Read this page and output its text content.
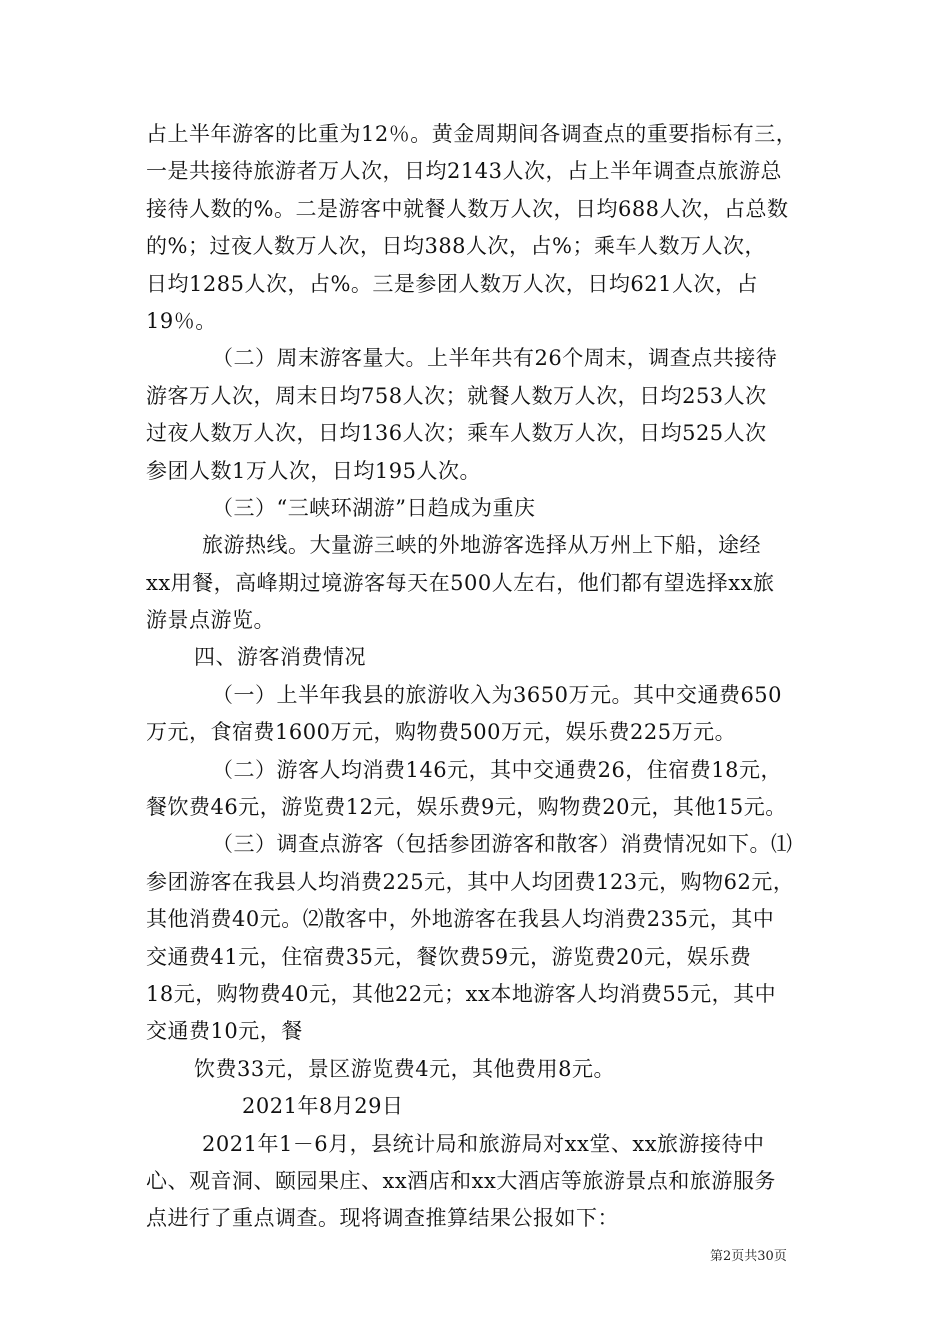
占上半年游客的比重为12％。黄金周期间各调查点的重要指标有三，
一是共接待旅游者万人次，日均2143人次，占上半年调查点旅游总
接待人数的%。二是游客中就餐人数万人次，日均688人次，占总数
的%；过夜人数万人次，日均388人次，占%；乘车人数万人次，
日均1285人次，占%。三是参团人数万人次，日均621人次，占
19％。
（二）周末游客量大。上半年共有26个周末，调查点共接待
游客万人次，周末日均758人次；就餐人数万人次，日均253人次
过夜人数万人次，日均136人次；乘车人数万人次，日均525人次
参团人数1万人次，日均195人次。
（三）“三峡环湖游”日趋成为重庆
旅游热线。大量游三峡的外地游客选择从万州上下船，途经
xx用餐，高峰期过境游客每天在500人左右，他们都有望选择xx旅
游景点游览。
四、游客消费情况
（一）上半年我县的旅游收入为3650万元。其中交通费650
万元，食宿费1600万元，购物费500万元，娱乐费225万元。
（二）游客人均消费146元，其中交通费26，住宿费18元，
餐饮费46元，游览费12元，娱乐费9元，购物费20元，其他15元。
（三）调查点游客（包括参团游客和散客）消费情况如下。⑴
参团游客在我县人均消费225元，其中人均团费123元，购物62元，
其他消费40元。⑵散客中，外地游客在我县人均消费235元，其中
交通费41元，住宿费35元，餐饮费59元，游览费20元，娱乐费
18元，购物费40元，其他22元；xx本地游客人均消费55元，其中
交通费10元，餐
饮费33元，景区游览费4元，其他费用8元。
2021年8月29日
2021年1－6月，县统计局和旅游局对xx堂、xx旅游接待中
心、观音洞、颐园果庄、xx酒店和xx大酒店等旅游景点和旅游服务
点进行了重点调查。现将调查推算结果公报如下：
第2页共30页
